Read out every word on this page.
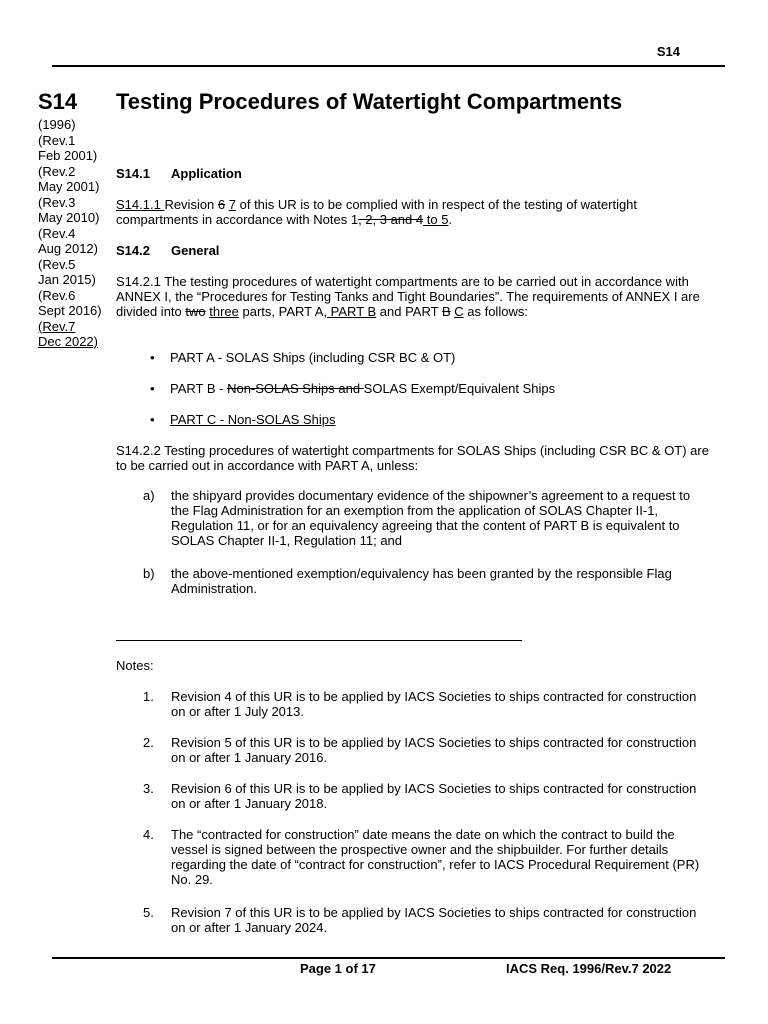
S14
S14
(1996)
(Rev.1
Feb 2001)
(Rev.2
May 2001)
(Rev.3
May 2010)
(Rev.4
Aug 2012)
(Rev.5
Jan 2015)
(Rev.6
Sept 2016)
(Rev.7
Dec 2022)
Testing Procedures of Watertight Compartments
S14.1 Application
S14.1.1 Revision 6 7 of this UR is to be complied with in respect of the testing of watertight compartments in accordance with Notes 1, 2, 3 and 4 to 5.
S14.2 General
S14.2.1 The testing procedures of watertight compartments are to be carried out in accordance with ANNEX I, the “Procedures for Testing Tanks and Tight Boundaries”. The requirements of ANNEX I are divided into two three parts, PART A, PART B and PART B C as follows:
• PART A - SOLAS Ships (including CSR BC & OT)
• PART B - Non-SOLAS Ships and SOLAS Exempt/Equivalent Ships
• PART C - Non-SOLAS Ships
S14.2.2 Testing procedures of watertight compartments for SOLAS Ships (including CSR BC & OT) are to be carried out in accordance with PART A, unless:
a)	the shipyard provides documentary evidence of the shipowner’s agreement to a request to the Flag Administration for an exemption from the application of SOLAS Chapter II-1, Regulation 11, or for an equivalency agreeing that the content of PART B is equivalent to SOLAS Chapter II-1, Regulation 11; and
b)	the above-mentioned exemption/equivalency has been granted by the responsible Flag Administration.
Notes:
1.	Revision 4 of this UR is to be applied by IACS Societies to ships contracted for construction on or after 1 July 2013.
2.	Revision 5 of this UR is to be applied by IACS Societies to ships contracted for construction on or after 1 January 2016.
3.	Revision 6 of this UR is to be applied by IACS Societies to ships contracted for construction on or after 1 January 2018.
4.	The “contracted for construction” date means the date on which the contract to build the vessel is signed between the prospective owner and the shipbuilder. For further details regarding the date of “contract for construction”, refer to IACS Procedural Requirement (PR) No. 29.
5.	Revision 7 of this UR is to be applied by IACS Societies to ships contracted for construction on or after 1 January 2024.
Page 1 of 17	IACS Req. 1996/Rev.7 2022
